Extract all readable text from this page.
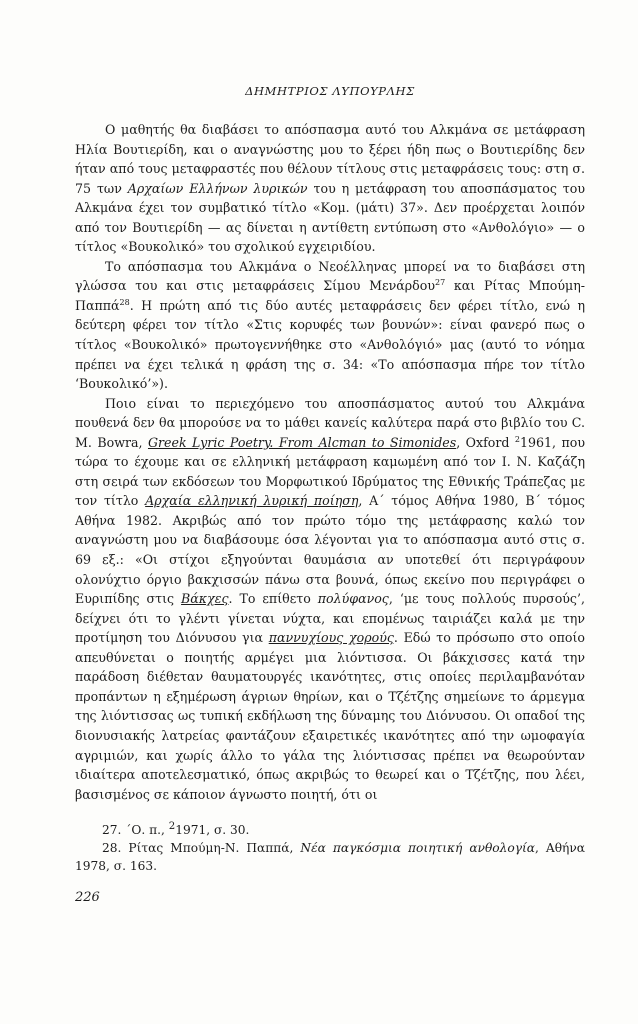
ΔΗΜΗΤΡΙΟΣ ΛΥΠΟΥΡΛΗΣ

Ο μαθητής θα διαβάσει το απόσπασμα αυτό του Αλκμάνα σε μετάφραση Ηλία Βουτιερίδη, και ο αναγνώστης μου το ξέρει ήδη πως ο Βουτιερίδης δεν ήταν από τους μεταφραστές που θέλουν τίτλους στις μεταφράσεις τους: στη σ. 75 των Αρχαίων Ελλήνων λυρικών του η μετάφραση του αποσπάσματος του Αλκμάνα έχει τον συμβατικό τίτλο «Κομ. (μάτι) 37». Δεν προέρχεται λοιπόν από τον Βουτιερίδη — ας δίνεται η αντίθετη εντύπωση στο «Ανθολόγιο» — ο τίτλος «Βουκολικό» του σχολικού εγχειριδίου.

Το απόσπασμα του Αλκμάνα ο Νεοέλληνας μπορεί να το διαβάσει στη γλώσσα του και στις μεταφράσεις Σίμου Μενάρδου$^{27}$ και Ρίτας Μπούμη-Παππά$^{28}$. Η πρώτη από τις δύο αυτές μεταφράσεις δεν φέρει τίτλο, ενώ η δεύτερη φέρει τον τίτλο «Στις κορυφές των βουνών»: είναι φανερό πως ο τίτλος «Βουκολικό» πρωτογεννήθηκε στο «Ανθολόγιό» μας (αυτό το νόημα πρέπει να έχει τελικά η φράση της σ. 34: «Το απόσπασμα πήρε τον τίτλο ‘Βουκολικό’»).

Ποιο είναι το περιεχόμενο του αποσπάσματος αυτού του Αλκμάνα πουθενά δεν θα μπορούσε να το μάθει κανείς καλύτερα παρά στο βιβλίο του C. M. Bowra, Greek Lyric Poetry. From Alcman to Simonides, Oxford $^2$1961, που τώρα το έχουμε και σε ελληνική μετάφραση καμωμένη από τον Ι. Ν. Καζάζη στη σειρά των εκδόσεων του Μορφωτικού Ιδρύματος της Εθνικής Τράπεζας με τον τίτλο Αρχαία ελληνική λυρική ποίηση, Α΄ τόμος Αθήνα 1980, Β΄ τόμος Αθήνα 1982. Ακριβώς από τον πρώτο τόμο της μετάφρασης καλώ τον αναγνώστη μου να διαβάσουμε όσα λέγονται για το απόσπασμα αυτό στις σ. 69 εξ.: «Οι στίχοι εξηγούνται θαυμάσια αν υποτεθεί ότι περιγράφουν ολονύχτιο όργιο βακχισσών πάνω στα βουνά, όπως εκείνο που περιγράφει ο Ευριπίδης στις Βάκχες. Το επίθετο πολύφανος, ‘με τους πολλούς πυρσούς’, δείχνει ότι το γλέντι γίνεται νύχτα, και επομένως ταιριάζει καλά με την προτίμηση του Διόνυσου για παννυχίους χορούς. Εδώ το πρόσωπο στο οποίο απευθύνεται ο ποιητής αρμέγει μια λιόντισσα. Οι βάκχισσες κατά την παράδοση διέθεταν θαυματουργές ικανότητες, στις οποίες περιλαμβανόταν προπάντων η εξημέρωση άγριων θηρίων, και ο Τζέτζης σημείωνε το άρμεγμα της λιόντισσας ως τυπική εκδήλωση της δύναμης του Διόνυσου. Οι οπαδοί της διονυσιακής λατρείας φαντάζουν εξαιρετικές ικανότητες από την ωμοφαγία αγριμιών, και χωρίς άλλο το γάλα της λιόντισσας πρέπει να θεωρούνταν ιδιαίτερα αποτελεσματικό, όπως ακριβώς το θεωρεί και ο Τζέτζης, που λέει, βασισμένος σε κάποιον άγνωστο ποιητή, ότι οι

27. ΄Ο. π., $^2$1971, σ. 30.

28. Ρίτας Μπούμη-Ν. Παππά, Νέα παγκόσμια ποιητική ανθολογία, Αθήνα 1978, σ. 163.

226
